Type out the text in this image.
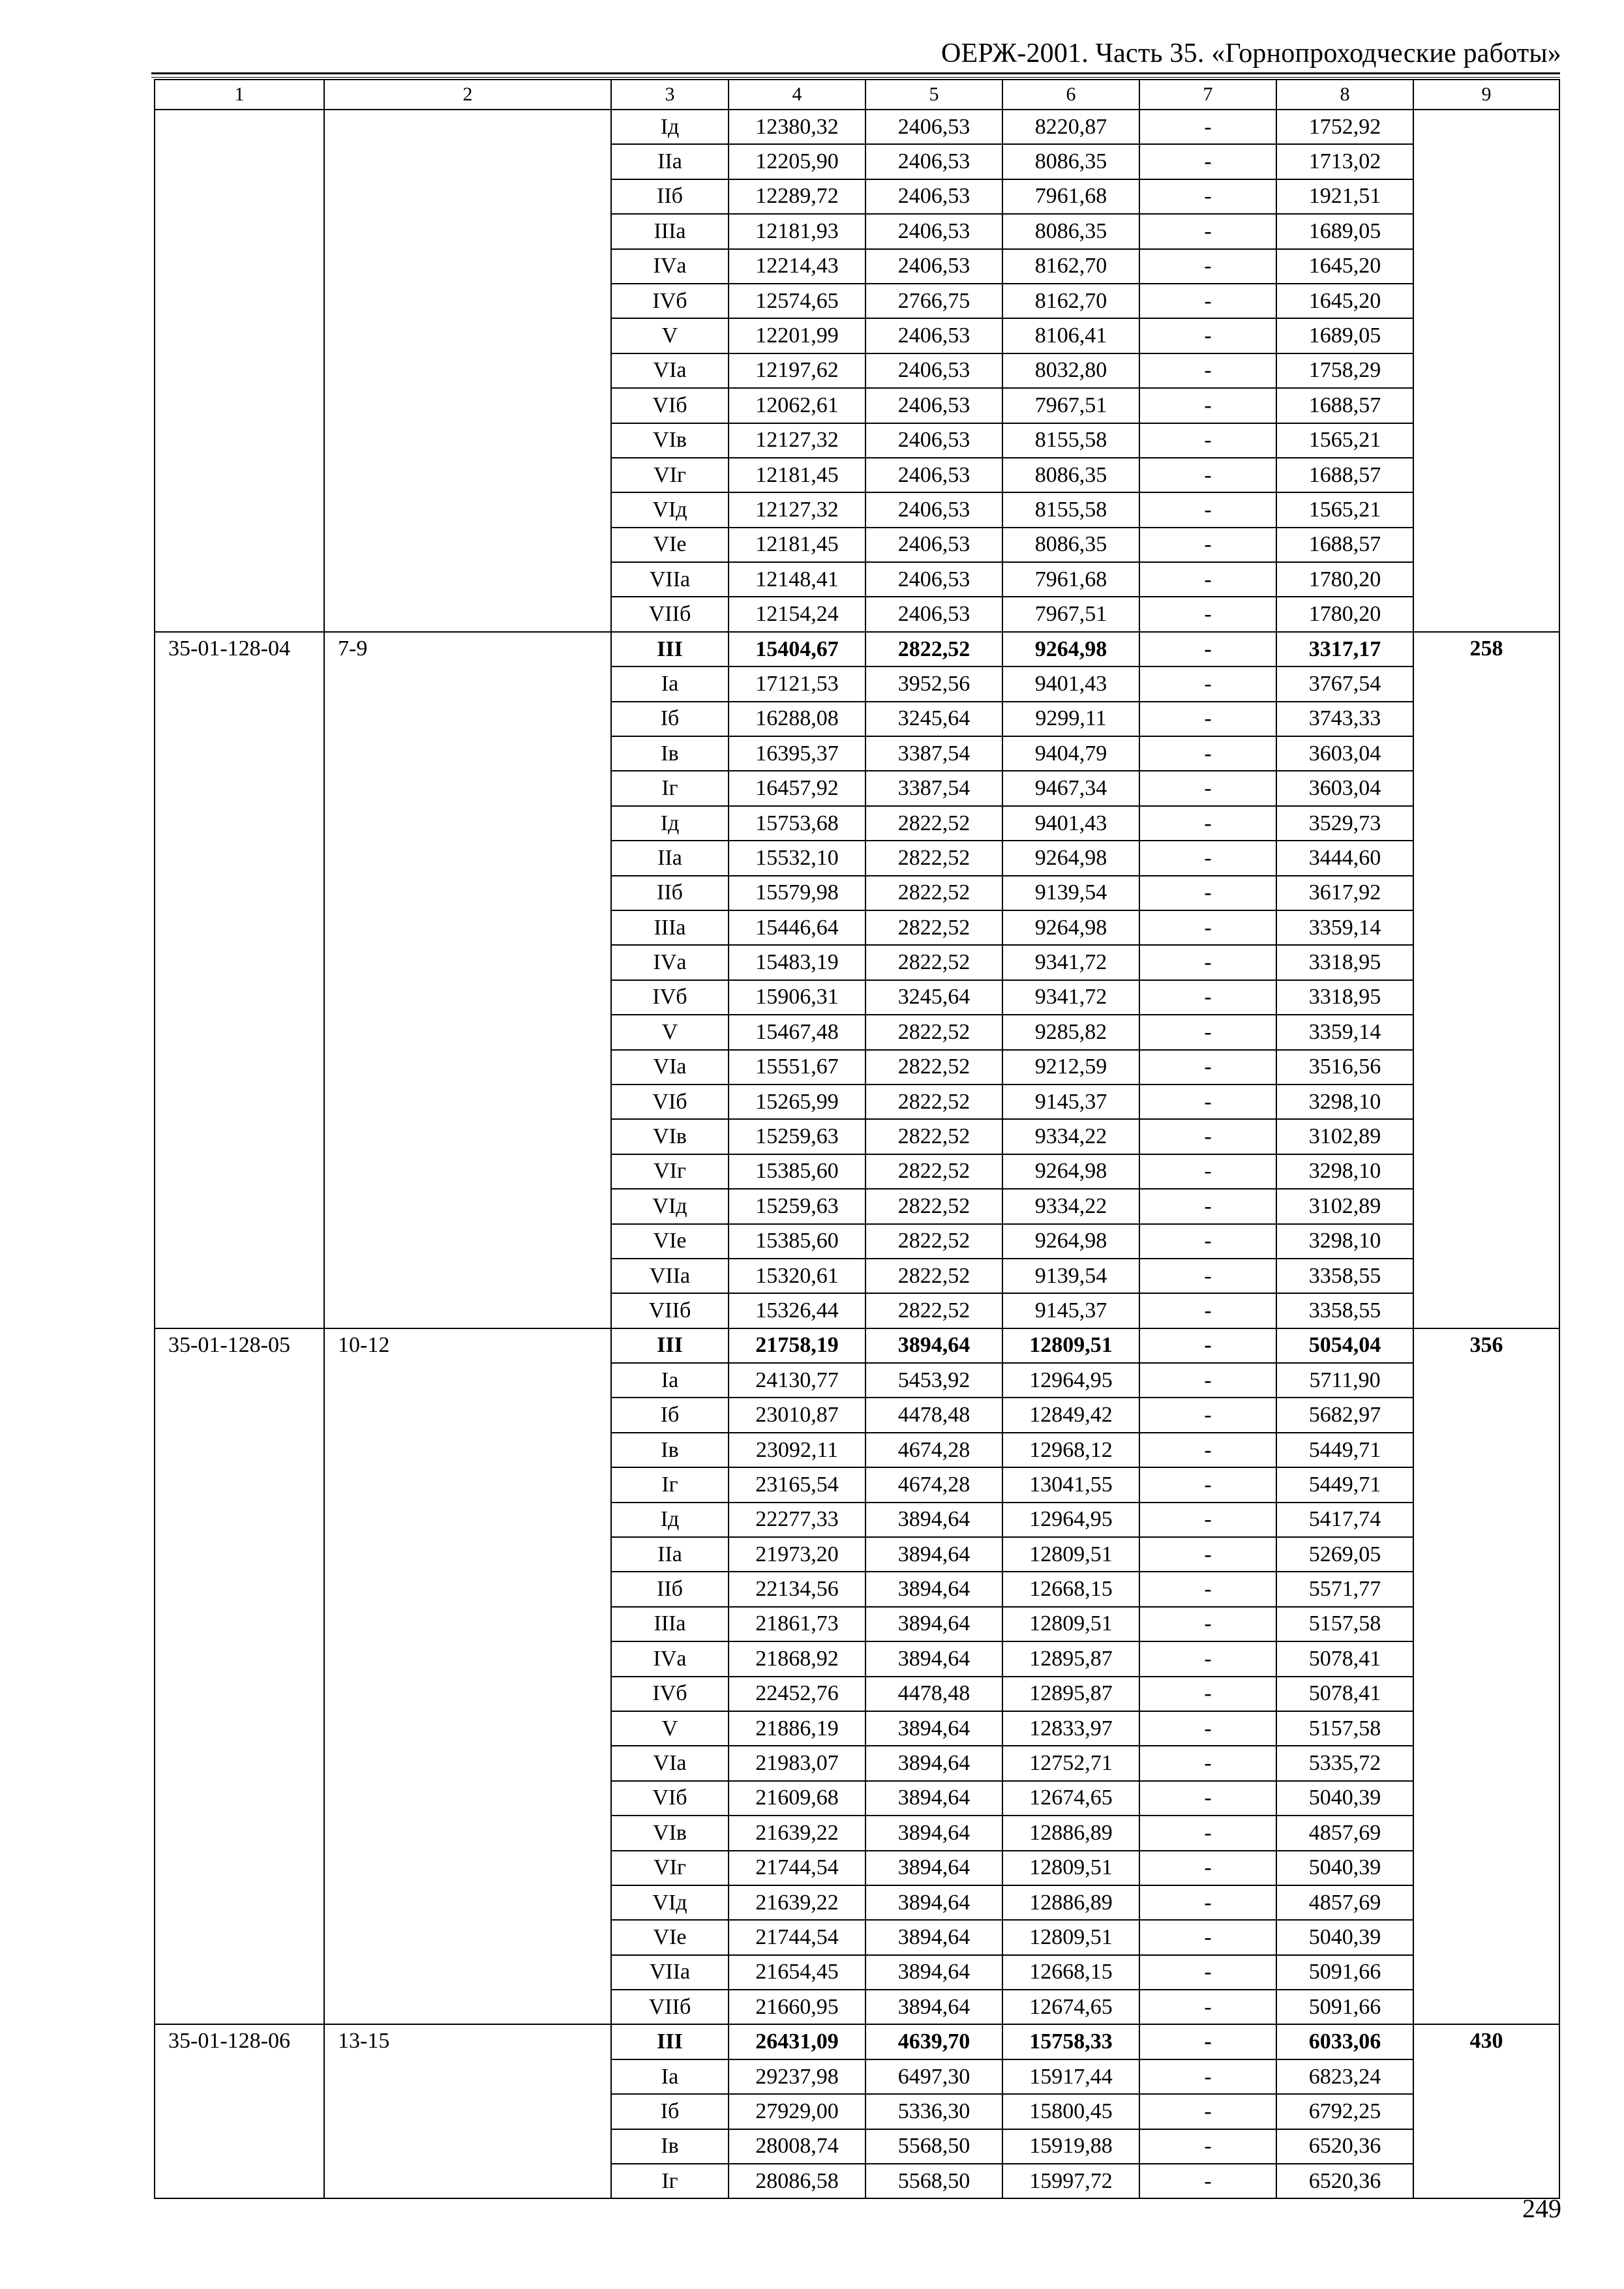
ОЕРЖ-2001. Часть 35. «Горнопроходческие работы»
1	2	3	4	5	6	7	8	9
		Iд	12380,32	2406,53	8220,87	-	1752,92	
		IIа	12205,90	2406,53	8086,35	-	1713,02	
		IIб	12289,72	2406,53	7961,68	-	1921,51	
		IIIа	12181,93	2406,53	8086,35	-	1689,05	
		IVа	12214,43	2406,53	8162,70	-	1645,20	
		IVб	12574,65	2766,75	8162,70	-	1645,20	
		V	12201,99	2406,53	8106,41	-	1689,05	
		VIа	12197,62	2406,53	8032,80	-	1758,29	
		VIб	12062,61	2406,53	7967,51	-	1688,57	
		VIв	12127,32	2406,53	8155,58	-	1565,21	
		VIг	12181,45	2406,53	8086,35	-	1688,57	
		VIд	12127,32	2406,53	8155,58	-	1565,21	
		VIе	12181,45	2406,53	8086,35	-	1688,57	
		VIIа	12148,41	2406,53	7961,68	-	1780,20	
		VIIб	12154,24	2406,53	7967,51	-	1780,20	
35-01-128-04	7-9	III	15404,67	2822,52	9264,98	-	3317,17	258
		Iа	17121,53	3952,56	9401,43	-	3767,54	
		Iб	16288,08	3245,64	9299,11	-	3743,33	
		Iв	16395,37	3387,54	9404,79	-	3603,04	
		Iг	16457,92	3387,54	9467,34	-	3603,04	
		Iд	15753,68	2822,52	9401,43	-	3529,73	
		IIа	15532,10	2822,52	9264,98	-	3444,60	
		IIб	15579,98	2822,52	9139,54	-	3617,92	
		IIIа	15446,64	2822,52	9264,98	-	3359,14	
		IVа	15483,19	2822,52	9341,72	-	3318,95	
		IVб	15906,31	3245,64	9341,72	-	3318,95	
		V	15467,48	2822,52	9285,82	-	3359,14	
		VIа	15551,67	2822,52	9212,59	-	3516,56	
		VIб	15265,99	2822,52	9145,37	-	3298,10	
		VIв	15259,63	2822,52	9334,22	-	3102,89	
		VIг	15385,60	2822,52	9264,98	-	3298,10	
		VIд	15259,63	2822,52	9334,22	-	3102,89	
		VIе	15385,60	2822,52	9264,98	-	3298,10	
		VIIа	15320,61	2822,52	9139,54	-	3358,55	
		VIIб	15326,44	2822,52	9145,37	-	3358,55	
35-01-128-05	10-12	III	21758,19	3894,64	12809,51	-	5054,04	356
		Iа	24130,77	5453,92	12964,95	-	5711,90	
		Iб	23010,87	4478,48	12849,42	-	5682,97	
		Iв	23092,11	4674,28	12968,12	-	5449,71	
		Iг	23165,54	4674,28	13041,55	-	5449,71	
		Iд	22277,33	3894,64	12964,95	-	5417,74	
		IIа	21973,20	3894,64	12809,51	-	5269,05	
		IIб	22134,56	3894,64	12668,15	-	5571,77	
		IIIа	21861,73	3894,64	12809,51	-	5157,58	
		IVа	21868,92	3894,64	12895,87	-	5078,41	
		IVб	22452,76	4478,48	12895,87	-	5078,41	
		V	21886,19	3894,64	12833,97	-	5157,58	
		VIа	21983,07	3894,64	12752,71	-	5335,72	
		VIб	21609,68	3894,64	12674,65	-	5040,39	
		VIв	21639,22	3894,64	12886,89	-	4857,69	
		VIг	21744,54	3894,64	12809,51	-	5040,39	
		VIд	21639,22	3894,64	12886,89	-	4857,69	
		VIе	21744,54	3894,64	12809,51	-	5040,39	
		VIIа	21654,45	3894,64	12668,15	-	5091,66	
		VIIб	21660,95	3894,64	12674,65	-	5091,66	
35-01-128-06	13-15	III	26431,09	4639,70	15758,33	-	6033,06	430
		Iа	29237,98	6497,30	15917,44	-	6823,24	
		Iб	27929,00	5336,30	15800,45	-	6792,25	
		Iв	28008,74	5568,50	15919,88	-	6520,36	
		Iг	28086,58	5568,50	15997,72	-	6520,36	
249
